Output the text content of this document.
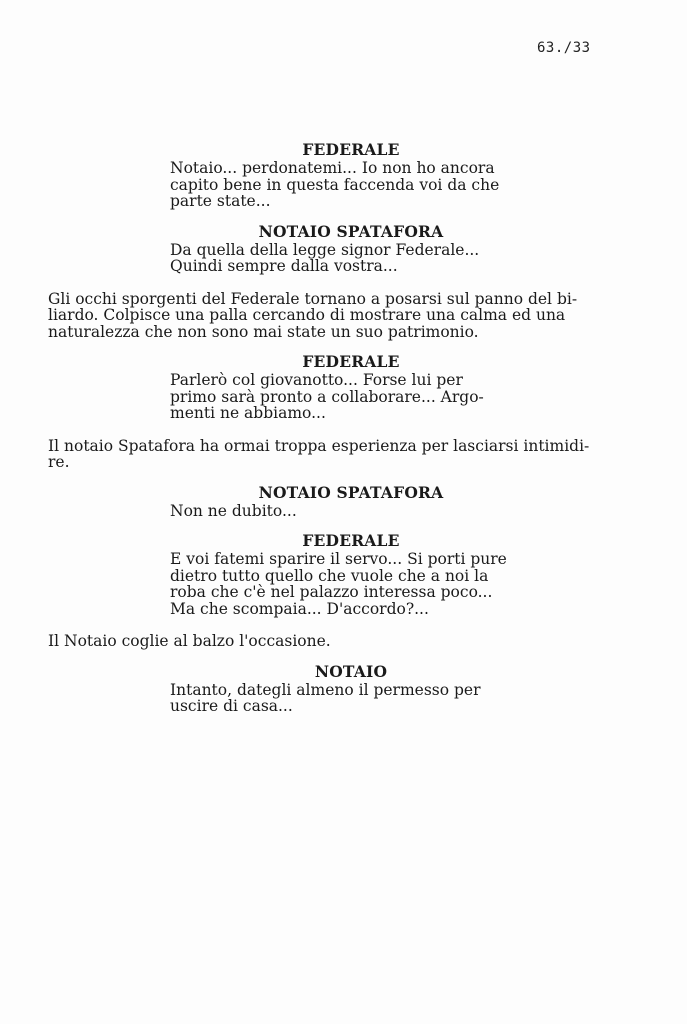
63./33
FEDERALE
Notaio... perdonatemi... Io non ho ancora
capito bene in questa faccenda voi da che
parte state...
NOTAIO SPATAFORA
Da quella della legge signor Federale...
Quindi sempre dalla vostra...
Gli occhi sporgenti del Federale tornano a posarsi sul panno del bi-
liardo. Colpisce una palla cercando di mostrare una calma ed una
naturalezza che non sono mai state un suo patrimonio.
FEDERALE
Parlerò col giovanotto... Forse lui per
primo sarà pronto a collaborare... Argo-
menti ne abbiamo...
Il notaio Spatafora ha ormai troppa esperienza per lasciarsi intimidi-
re.
NOTAIO SPATAFORA
Non ne dubito...
FEDERALE
E voi fatemi sparire il servo... Si porti pure
dietro tutto quello che vuole che a noi la
roba che c'è nel palazzo interessa poco...
Ma che scompaia... D'accordo?...
Il Notaio coglie al balzo l'occasione.
NOTAIO
Intanto, dategli almeno il permesso per
uscire di casa...
